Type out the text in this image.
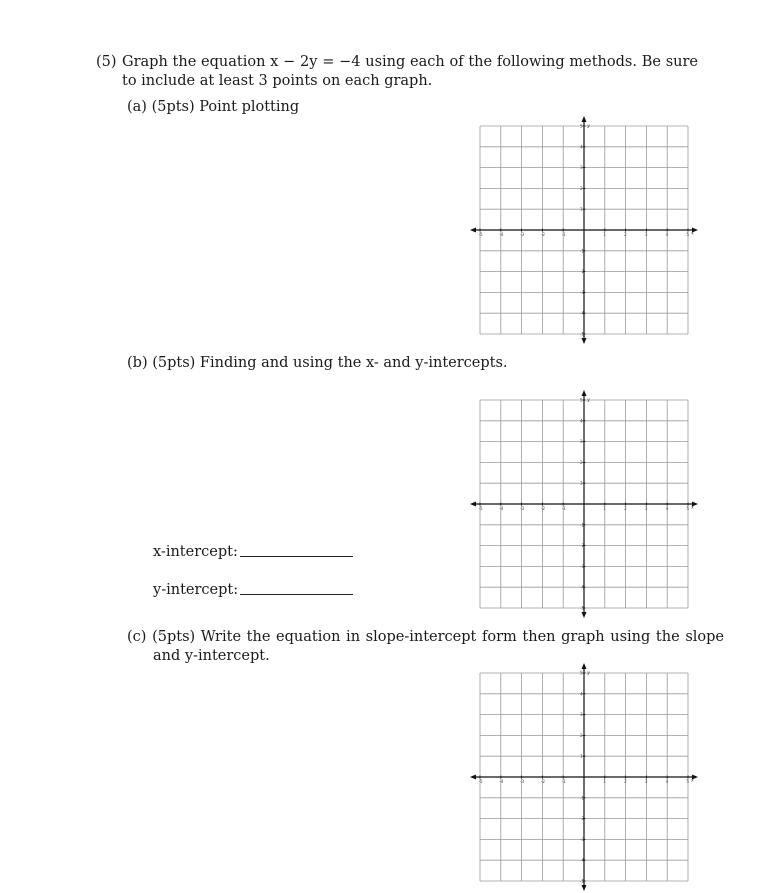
(5) Graph the equation x − 2y = −4 using each of the following methods. Be sure to include at least 3 points on each graph.
(a) (5pts) Point plotting
x
y
-5	-4	-3	-2	-1	1	2	3	4	5
5
4
3
2
1
-1
-2
-3
-4
-5
(b) (5pts) Finding and using the x- and y-intercepts.
x
y
-5	-4	-3	-2	-1	1	2	3	4	5
5
4
3
2
1
-1
-2
-3
-4
-5
x-intercept:
y-intercept:
(c) (5pts) Write the equation in slope-intercept form then graph using the slope and y-intercept.
x
y
-5	-4	-3	-2	-1	1	2	3	4	5
5
4
3
2
1
-1
-2
-3
-4
-5
